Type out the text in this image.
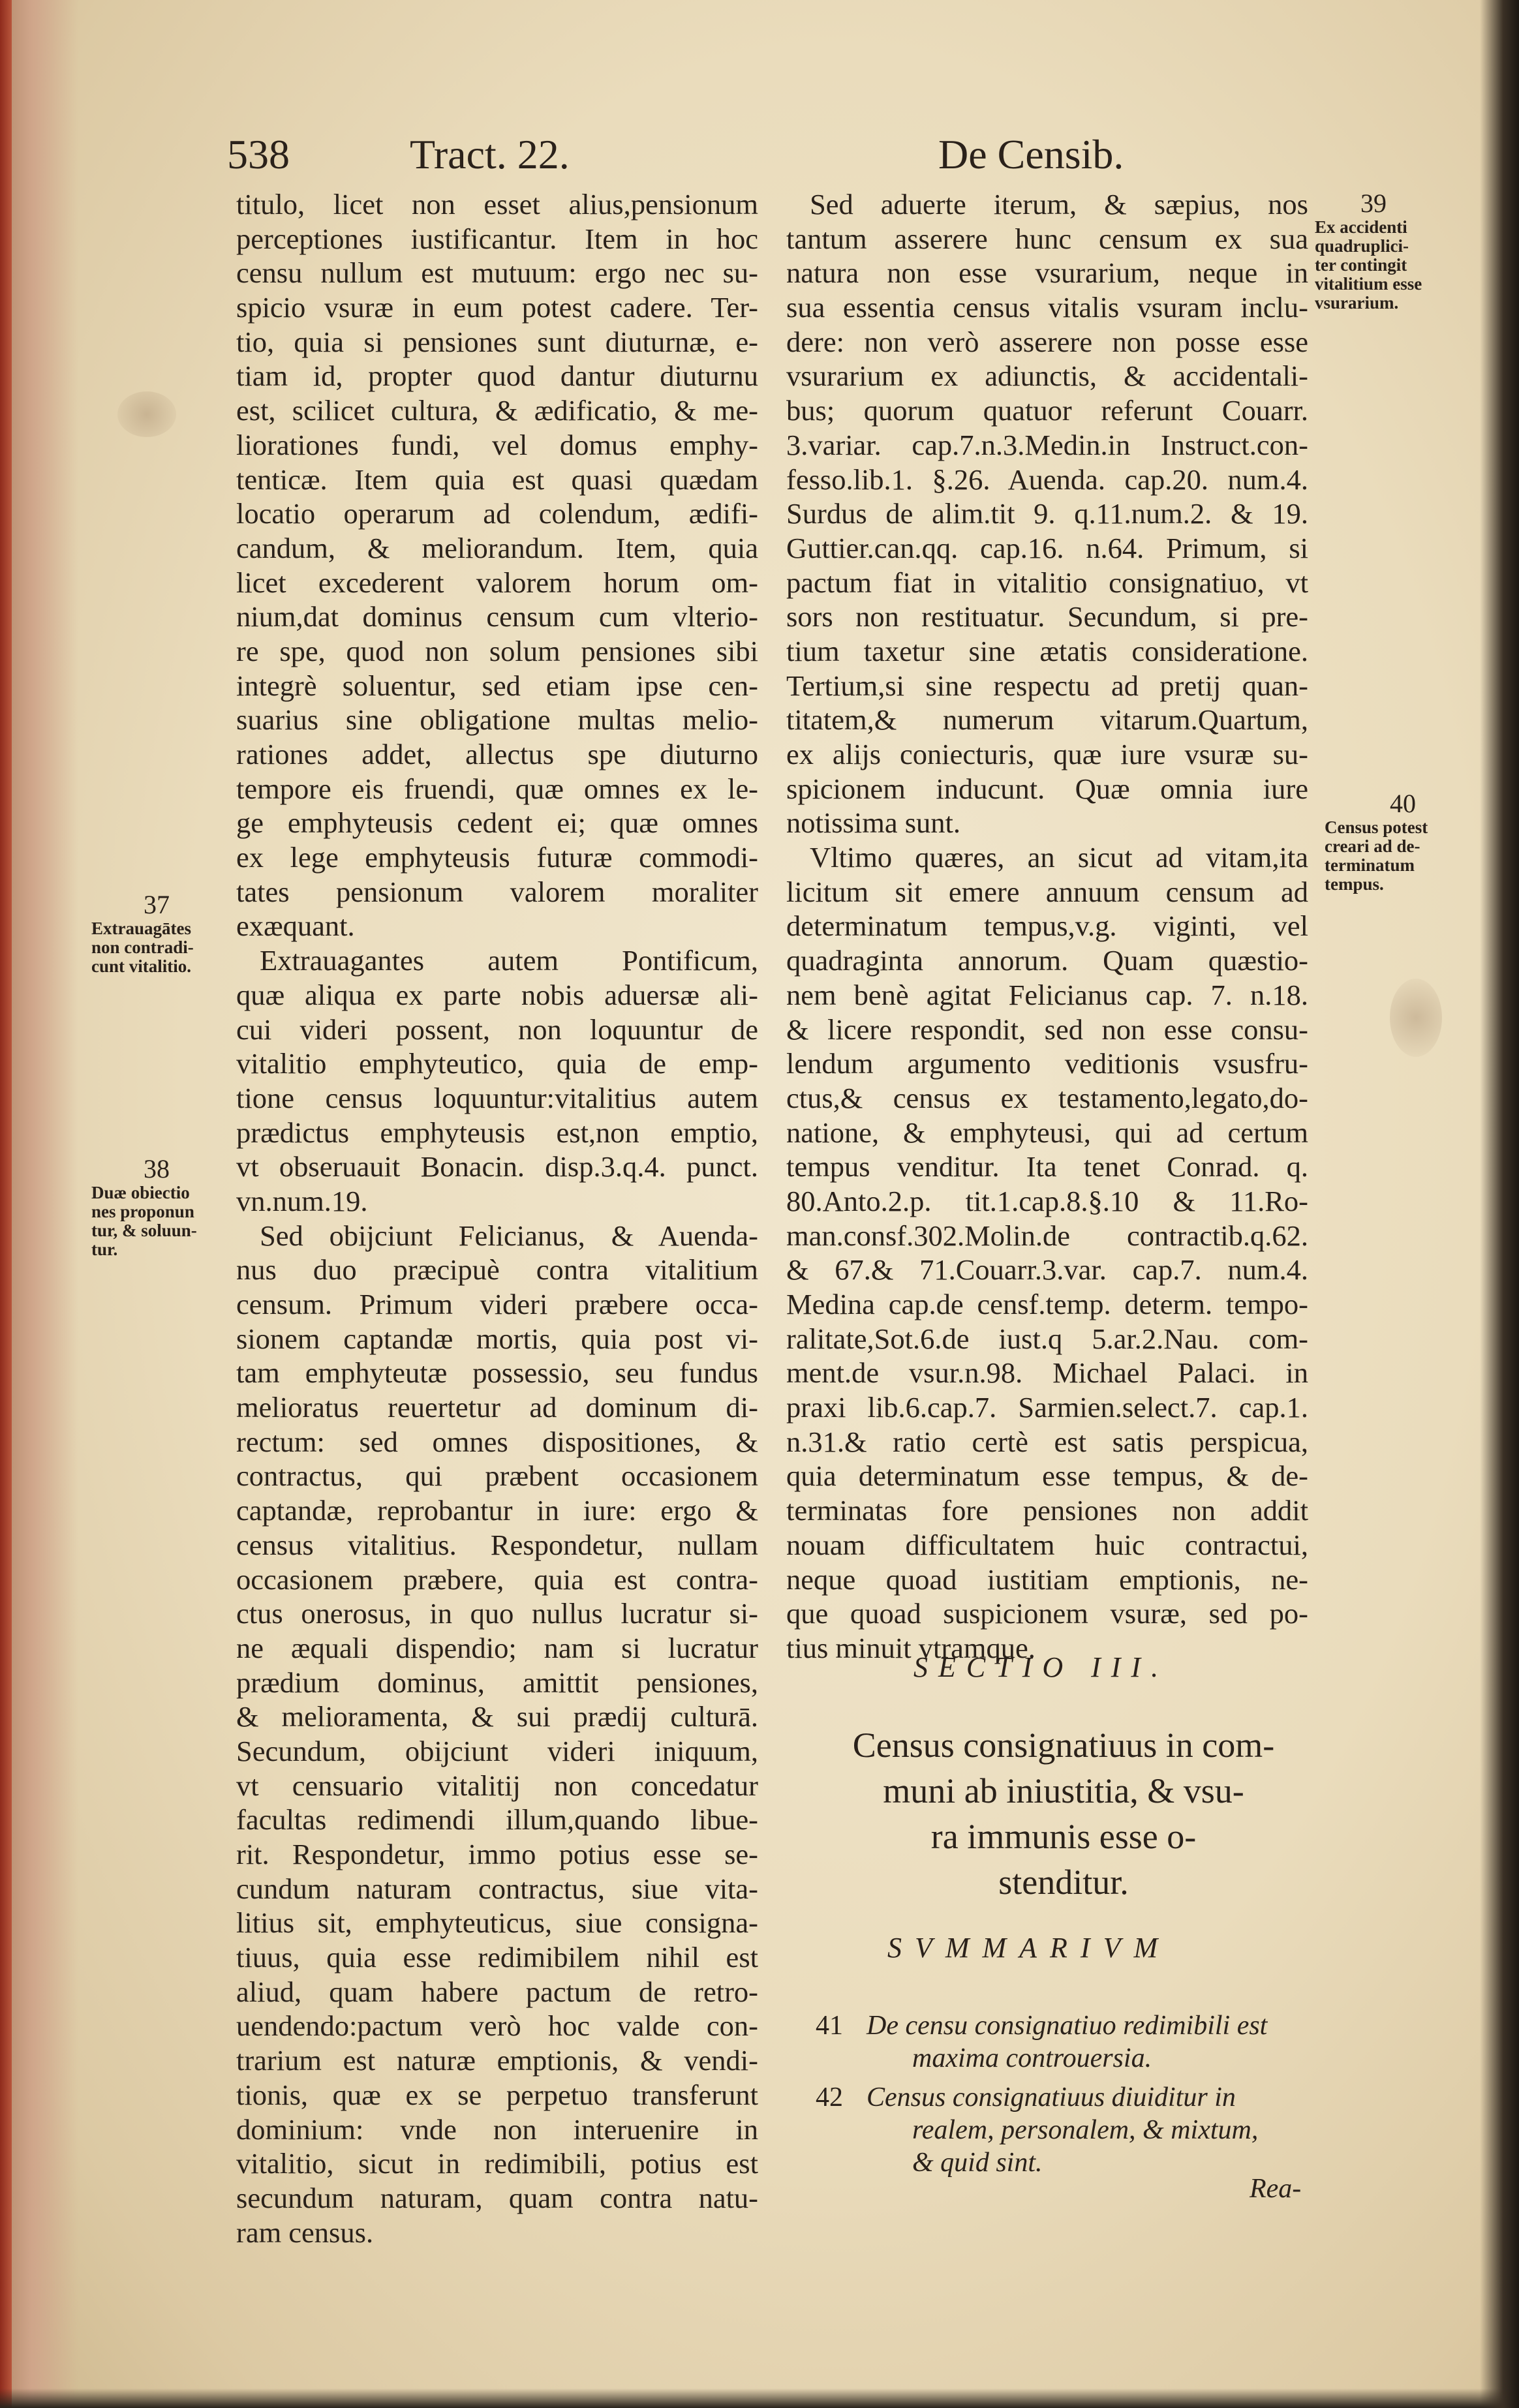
538	Tract. 22.	De Censib.
titulo, licet non esset alius,pensionum
perceptiones iustificantur. Item in hoc
censu nullum est mutuum: ergo nec su-
spicio vsuræ in eum potest cadere. Ter-
tio, quia si pensiones sunt diuturnæ, e-
tiam id, propter quod dantur diuturnu
est, scilicet cultura, & ædificatio, & me-
liorationes fundi, vel domus emphy-
tenticæ. Item quia est quasi quædam
locatio operarum ad colendum, ædifi-
candum, & meliorandum. Item, quia
licet excederent valorem horum om-
nium,dat dominus censum cum vlterio-
re spe, quod non solum pensiones sibi
integrè soluentur, sed etiam ipse cen-
suarius sine obligatione multas melio-
rationes addet, allectus spe diuturno
tempore eis fruendi, quæ omnes ex le-
ge emphyteusis cedent ei; quæ omnes
ex lege emphyteusis futuræ commodi-
tates pensionum valorem moraliter
exæquant.
Extrauagantes autem Pontificum,
quæ aliqua ex parte nobis aduersæ ali-
cui videri possent, non loquuntur de
vitalitio emphyteutico, quia de emp-
tione census loquuntur:vitalitius autem
prædictus emphyteusis est,non emptio,
vt obseruauit Bonacin. disp.3.q.4. punct.
vn.num.19.
Sed obijciunt Felicianus, & Auenda-
nus duo præcipuè contra vitalitium
censum. Primum videri præbere occa-
sionem captandæ mortis, quia post vi-
tam emphyteutæ possessio, seu fundus
melioratus reuertetur ad dominum di-
rectum: sed omnes dispositiones, &
contractus, qui præbent occasionem
captandæ, reprobantur in iure: ergo &
census vitalitius. Respondetur, nullam
occasionem præbere, quia est contra-
ctus onerosus, in quo nullus lucratur si-
ne æquali dispendio; nam si lucratur
prædium dominus, amittit pensiones,
& melioramenta, & sui prædij culturā.
Secundum, obijciunt videri iniquum,
vt censuario vitalitij non concedatur
facultas redimendi illum,quando libue-
rit. Respondetur, immo potius esse se-
cundum naturam contractus, siue vita-
litius sit, emphyteuticus, siue consigna-
tiuus, quia esse redimibilem nihil est
aliud, quam habere pactum de retro-
uendendo:pactum verò hoc valde con-
trarium est naturæ emptionis, & vendi-
tionis, quæ ex se perpetuo transferunt
dominium: vnde non interuenire in
vitalitio, sicut in redimibili, potius est
secundum naturam, quam contra natu-
ram census.
Sed aduerte iterum, & sæpius, nos
tantum asserere hunc censum ex sua
natura non esse vsurarium, neque in
sua essentia census vitalis vsuram inclu-
dere: non verò asserere non posse esse
vsurarium ex adiunctis, & accidentali-
bus; quorum quatuor referunt Couarr.
3.variar. cap.7.n.3.Medin.in Instruct.con-
fesso.lib.1. §.26. Auenda. cap.20. num.4.
Surdus de alim.tit 9. q.11.num.2. & 19.
Guttier.can.qq. cap.16. n.64. Primum, si
pactum fiat in vitalitio consignatiuo, vt
sors non restituatur. Secundum, si pre-
tium taxetur sine ætatis consideratione.
Tertium,si sine respectu ad pretij quan-
titatem,& numerum vitarum.Quartum,
ex alijs coniecturis, quæ iure vsuræ su-
spicionem inducunt. Quæ omnia iure
notissima sunt.
Vltimo quæres, an sicut ad vitam,ita
licitum sit emere annuum censum ad
determinatum tempus,v.g. viginti, vel
quadraginta annorum. Quam quæstio-
nem benè agitat Felicianus cap. 7. n.18.
& licere respondit, sed non esse consu-
lendum argumento veditionis vsusfru-
ctus,& census ex testamento,legato,do-
natione, & emphyteusi, qui ad certum
tempus venditur. Ita tenet Conrad. q.
80.Anto.2.p. tit.1.cap.8.§.10 & 11.Ro-
man.consf.302.Molin.de contractib.q.62.
& 67.& 71.Couarr.3.var. cap.7. num.4.
Medina cap.de censf.temp. determ. tempo-
ralitate,Sot.6.de iust.q 5.ar.2.Nau. com-
ment.de vsur.n.98. Michael Palaci. in
praxi lib.6.cap.7. Sarmien.select.7. cap.1.
n.31.& ratio certè est satis perspicua,
quia determinatum esse tempus, & de-
terminatas fore pensiones non addit
nouam difficultatem huic contractui,
neque quoad iustitiam emptionis, ne-
que quoad suspicionem vsuræ, sed po-
tius minuit vtramque.
37
Extrauagātes
non contradi-
cunt vitalitio.
38
Duæ obiectio
nes proponun
tur, & soluun-
tur.
39
Ex accidenti
quadruplici-
ter contingit
vitalitium esse
vsurarium.
40
Census potest
creari ad de-
terminatum
tempus.
SECTIO III.
Census consignatiuus in com-
muni ab iniustitia, & vsu-
ra immunis esse o-
stenditur.
SVMMARIVM
41 De censu consignatiuo redimibili est
maxima controuersia.
42 Census consignatiuus diuiditur in
realem, personalem, & mixtum,
& quid sint.
Rea-
